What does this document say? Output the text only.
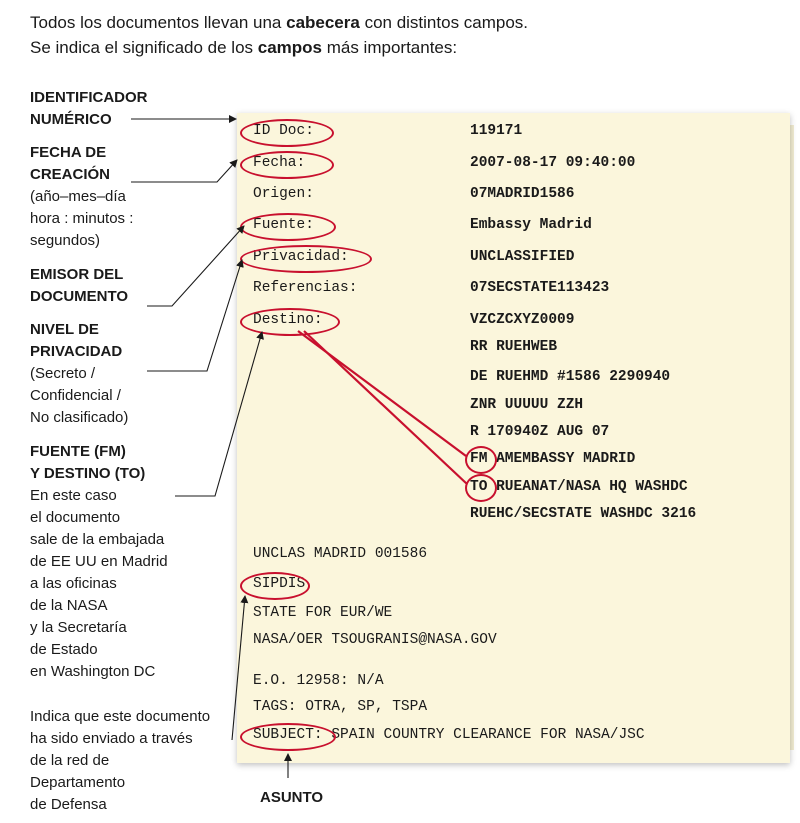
Todos los documentos llevan una cabecera con distintos campos.
Se indica el significado de los campos más importantes:
ID Doc:	119171
Fecha:	2007-08-17 09:40:00
Origen:	07MADRID1586
Fuente:	Embassy Madrid
Privacidad:	UNCLASSIFIED
Referencias:	07SECSTATE113423
Destino:	VZCZCXYZ0009
RR RUEHWEB
DE RUEHMD #1586 2290940
ZNR UUUUU ZZH
R 170940Z AUG 07
FM AMEMBASSY MADRID
TO RUEANAT/NASA HQ WASHDC
RUEHC/SECSTATE WASHDC 3216
UNCLAS MADRID 001586
SIPDIS
STATE FOR EUR/WE
NASA/OER TSOUGRANIS@NASA.GOV
E.O. 12958: N/A
TAGS: OTRA, SP, TSPA
SUBJECT: SPAIN COUNTRY CLEARANCE FOR NASA/JSC
IDENTIFICADOR
NUMÉRICO
FECHA DE
CREACIÓN
(año–mes–día
hora : minutos :
segundos)
EMISOR DEL
DOCUMENTO
NIVEL DE
PRIVACIDAD
(Secreto /
Confidencial /
No clasificado)
FUENTE (FM)
Y DESTINO (TO)
En este caso
el documento
sale de la embajada
de EE UU en Madrid
a las oficinas
de la NASA
y la Secretaría
de Estado
en Washington DC
Indica que este documento
ha sido enviado a través
de la red de
Departamento
de Defensa	ASUNTO
